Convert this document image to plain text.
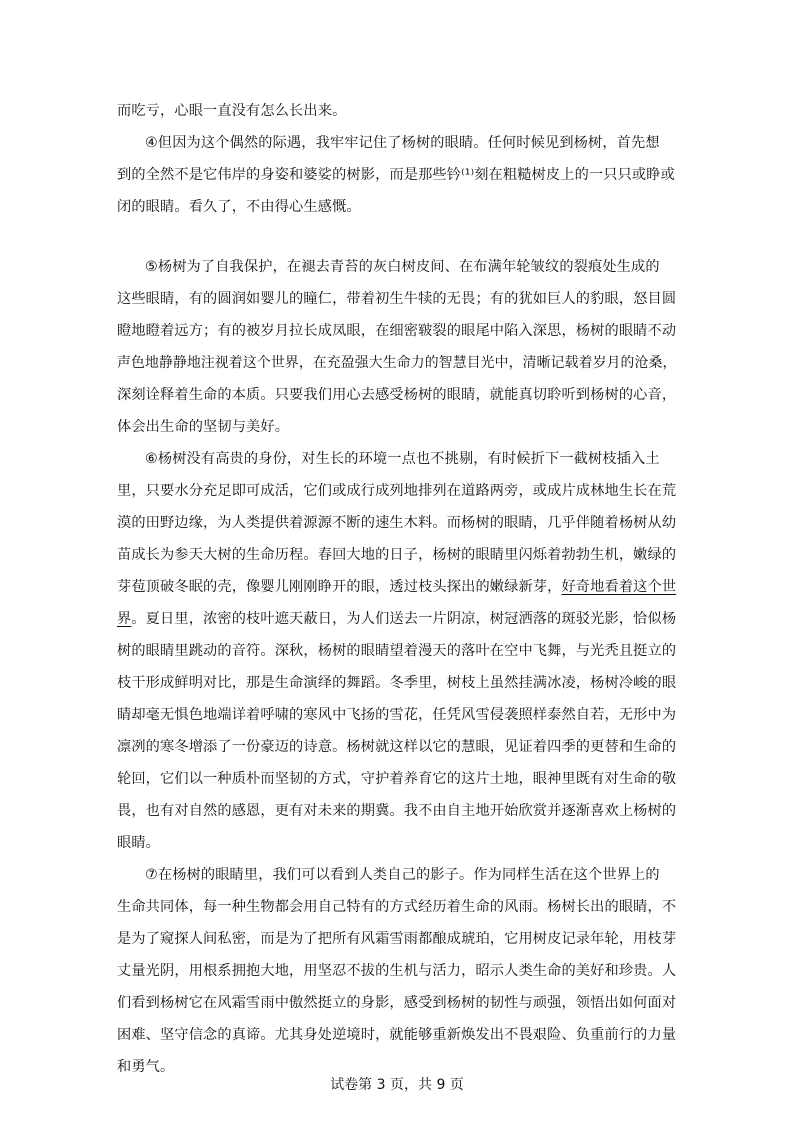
而吃亏，心眼一直没有怎么长出来。
④但因为这个偶然的际遇，我牢牢记住了杨树的眼睛。任何时候见到杨树，首先想
到的全然不是它伟岸的身姿和婆娑的树影，而是那些钤⁽¹⁾刻在粗糙树皮上的一只只或睁或
闭的眼睛。看久了，不由得心生感慨。
⑤杨树为了自我保护，在褪去青苔的灰白树皮间、在布满年轮皱纹的裂痕处生成的
这些眼睛，有的圆润如婴儿的瞳仁，带着初生牛犊的无畏；有的犹如巨人的豹眼，怒目圆
瞪地瞪着远方；有的被岁月拉长成凤眼，在细密皲裂的眼尾中陷入深思，杨树的眼睛不动
声色地静静地注视着这个世界，在充盈强大生命力的智慧目光中，清晰记载着岁月的沧桑，
深刻诠释着生命的本质。只要我们用心去感受杨树的眼睛，就能真切聆听到杨树的心音，
体会出生命的坚韧与美好。
⑥杨树没有高贵的身份，对生长的环境一点也不挑剔，有时候折下一截树枝插入土
里，只要水分充足即可成活，它们或成行成列地排列在道路两旁，或成片成林地生长在荒
漠的田野边缘，为人类提供着源源不断的速生木料。而杨树的眼睛，几乎伴随着杨树从幼
苗成长为参天大树的生命历程。春回大地的日子，杨树的眼睛里闪烁着勃勃生机，嫩绿的
芽苞顶破冬眠的壳，像婴儿刚刚睁开的眼，透过枝头探出的嫩绿新芽，好奇地看着这个世
界。夏日里，浓密的枝叶遮天蔽日，为人们送去一片阴凉，树冠洒落的斑驳光影，恰似杨
树的眼睛里跳动的音符。深秋，杨树的眼睛望着漫天的落叶在空中飞舞，与光秃且挺立的
枝干形成鲜明对比，那是生命演绎的舞蹈。冬季里，树枝上虽然挂满冰凌，杨树冷峻的眼
睛却毫无惧色地端详着呼啸的寒风中飞扬的雪花，任凭风雪侵袭照样泰然自若，无形中为
凛冽的寒冬增添了一份豪迈的诗意。杨树就这样以它的慧眼，见证着四季的更替和生命的
轮回，它们以一种质朴而坚韧的方式，守护着养育它的这片土地，眼神里既有对生命的敬
畏，也有对自然的感恩，更有对未来的期冀。我不由自主地开始欣赏并逐渐喜欢上杨树的
眼睛。
⑦在杨树的眼睛里，我们可以看到人类自己的影子。作为同样生活在这个世界上的
生命共同体，每一种生物都会用自己特有的方式经历着生命的风雨。杨树长出的眼睛，不
是为了窥探人间私密，而是为了把所有风霜雪雨都酿成琥珀，它用树皮记录年轮，用枝芽
丈量光阴，用根系拥抱大地，用坚忍不拔的生机与活力，昭示人类生命的美好和珍贵。人
们看到杨树它在风霜雪雨中傲然挺立的身影，感受到杨树的韧性与顽强，领悟出如何面对
困难、坚守信念的真谛。尤其身处逆境时，就能够重新焕发出不畏艰险、负重前行的力量
和勇气。
试卷第 3 页，共 9 页
